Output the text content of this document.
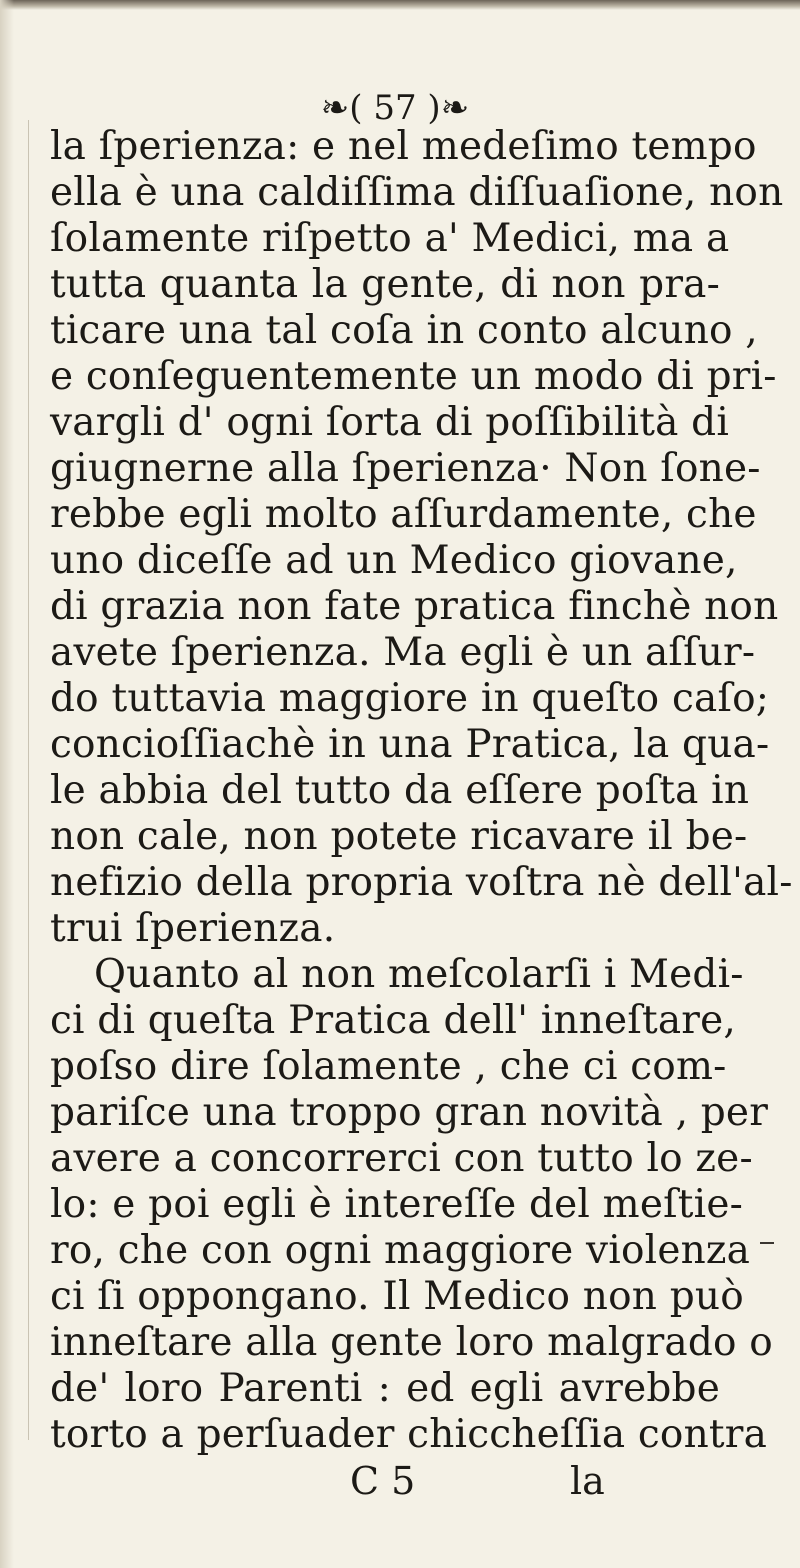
❧( 57 )❧
la ſperienza: e nel medeſimo tempo
ella è una caldiſſima diſſuaſione, non
ſolamente riſpetto a' Medici, ma a
tutta quanta la gente, di non pra-
ticare una tal coſa in conto alcuno ,
e conſeguentemente un modo di pri-
vargli d' ogni ſorta di poſſibilità di
giugnerne alla ſperienza· Non ſone-
rebbe egli molto aſſurdamente, che
uno diceſſe ad un Medico giovane,
di grazia non fate pratica finchè non
avete ſperienza. Ma egli è un aſſur-
do tuttavia maggiore in queſto caſo;
concioſſiachè in una Pratica, la qua-
le abbia del tutto da eſſere poſta in
non cale, non potete ricavare il be-
nefizio della propria voſtra nè dell'al-
trui ſperienza.
Quanto al non meſcolarſi i Medi-
ci di queſta Pratica dell' inneſtare,
poſso dire ſolamente , che ci com-
pariſce una troppo gran novità , per
avere a concorrerci con tutto lo ze-
lo: e poi egli è intereſſe del meſtie-
ro, che con ogni maggiore violenza
ci ſi oppongano. Il Medico non può
inneſtare alla gente loro malgrado o
de' loro Parenti : ed egli avrebbe
torto a perſuader chiccheſſia contra
C 5	la
